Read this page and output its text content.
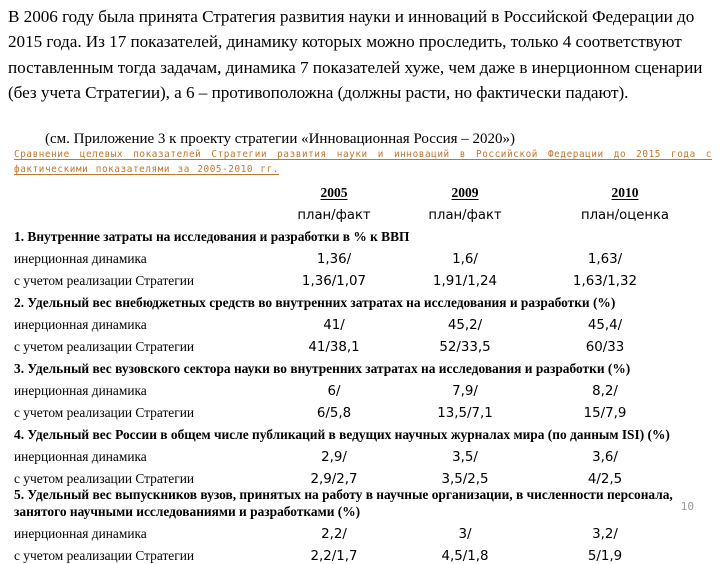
В 2006 году была принята Стратегия развития науки и инноваций в Российской Федерации до 2015 года. Из 17 показателей, динамику которых можно проследить, только 4 соответствуют поставленным тогда задачам, динамика 7 показателей хуже, чем даже в инерционном сценарии (без учета Стратегии), а 6 – противоположна (должны расти, но фактически падают).
(см. Приложение 3 к проекту стратегии «Инновационная Россия – 2020»)
Сравнение целевых показателей Стратегии развития науки и инноваций в Российской Федерации до 2015 года с фактическими показателями за 2005-2010 гг.
	2005	2009	2010
	план/факт	план/факт	план/оценка
1. Внутренние затраты на исследования и разработки в % к ВВП			
инерционная динамика	1,36/	1,6/	1,63/
с учетом реализации Стратегии	1,36/1,07	1,91/1,24	1,63/1,32
2. Удельный вес внебюджетных средств во внутренних затратах на исследования и разработки (%)			
инерционная динамика	41/	45,2/	45,4/
с учетом реализации Стратегии	41/38,1	52/33,5	60/33
3. Удельный вес вузовского сектора науки во внутренних затратах на исследования и разработки (%)			
инерционная динамика	6/	7,9/	8,2/
с учетом реализации Стратегии	6/5,8	13,5/7,1	15/7,9
4. Удельный вес России в общем числе публикаций в ведущих научных журналах мира (по данным ISI) (%)			
инерционная динамика	2,9/	3,5/	3,6/
с учетом реализации Стратегии	2,9/2,7	3,5/2,5	4/2,5
5. Удельный вес выпускников вузов, принятых на работу в научные организации, в численности персонала, занятого научными исследованиями и разработками (%)			
инерционная динамика	2,2/	3/	3,2/
с учетом реализации Стратегии	2,2/1,7	4,5/1,8	5/1,9
10
